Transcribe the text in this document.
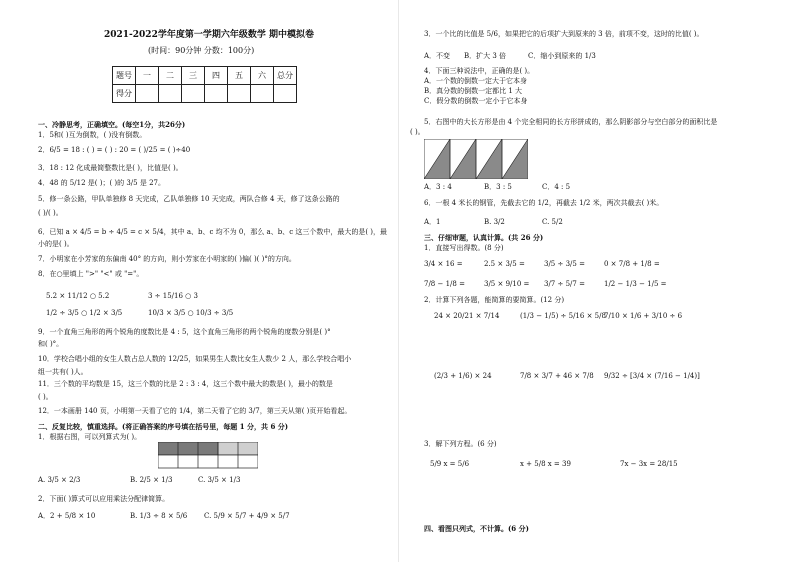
2021-2022学年度第一学期六年级数学 期中模拟卷
(时间：90分钟 分数：100分)
题号	一	二	三	四	五	六	总分
得分							
一、冷静思考，正确填空。(每空1分，共26分)
1．5和( )互为倒数，( )没有倒数。
2．6/5 = 18 : ( ) = ( ) : 20 = ( )/25 = ( )÷40
3．18 : 12 化成最简整数比是( )，比值是( )。
4．48 的 5/12 是( )；( )的 3/5 是 27。
5．修一条公路，甲队单独修 8 天完成，乙队单独修 10 天完成，两队合修 4 天，修了这条公路的
( )/( )。
6．已知 a × 4/5 = b ÷ 4/5 = c × 5/4，其中 a、b、c 均不为 0，那么 a、b、c 这三个数中，最大的是( )，最
小的是( )。
7．小明家在小芳家的东偏南 40° 的方向，则小芳家在小明家的( )偏( )( )°的方向。
8．在○里填上 ">" "<" 或 "="。
5.2 × 11/12 ○ 5.2	3 ÷ 15/16 ○ 3
1/2 ÷ 3/5 ○ 1/2 × 3/5	10/3 × 3/5 ○ 10/3 ÷ 3/5
9．一个直角三角形的两个锐角的度数比是 4 : 5，这个直角三角形的两个锐角的度数分别是( )°
和( )°。
10．学校合唱小组的女生人数占总人数的 12/25，如果男生人数比女生人数少 2 人，那么学校合唱小
组一共有( )人。
11．三个数的平均数是 15，这三个数的比是 2 : 3 : 4，这三个数中最大的数是( )，最小的数是
( )。
12．一本画册 140 页，小明第一天看了它的 1/4，第二天看了它的 3/7，第三天从第( )页开始看起。
二、反复比较，慎重选择。(将正确答案的序号填在括号里，每题 1 分，共 6 分)
1．根据右图，可以列算式为( )。
A. 3/5 × 2/3	B. 2/5 × 1/3	C. 3/5 × 1/3
2．下面( )算式可以应用乘法分配律简算。
A．2 + 5/8 × 10	B. 1/3 ÷ 8 × 5/6 C. 5/9 × 5/7 + 4/9 × 5/7
3．一个比的比值是 5/6，如果把它的后项扩大到原来的 3 倍，前项不变，这时的比值( )。
A．不变 B．扩大 3 倍	C．缩小到原来的 1/3
4．下面三种说法中，正确的是( )。
A．一个数的倒数一定大于它本身
B．真分数的倒数一定都比 1 大
C．假分数的倒数一定小于它本身
5．右图中的大长方形是由 4 个完全相同的长方形拼成的，那么阴影部分与空白部分的面积比是
( )。
A．3 : 4	B．3 : 5	C．4 : 5
6．一根 4 米长的钢管，先截去它的 1/2，再截去 1/2 米，两次共截去( )米。
A．1	B. 3/2	C. 5/2
三、仔细审题，认真计算。(共 26 分)
1．直接写出得数。(8 分)
3/4 × 16 =	2.5 × 3/5 =	3/5 ÷ 3/5 =	0 × 7/8 + 1/8 =
7/8 − 1/8 =	3/5 × 9/10 = 3/7 ÷ 5/7 =	1/2 − 1/3 − 1/5 =
2．计算下列各题，能简算的要简算。(12 分)
24 × 20/21 × 7/14	(1/3 − 1/5) ÷ 5/16 × 5/8
7/10 × 1/6 + 3/10 ÷ 6
(2/3 + 1/6) × 24	7/8 × 3/7 + 46 × 7/8 9/32 ÷ [3/4 × (7/16 − 1/4)]
3．解下列方程。(6 分)
5/9 x = 5/6	x + 5/8 x = 39	7x − 3x = 28/15
四、看图只列式，不计算。(6 分)
